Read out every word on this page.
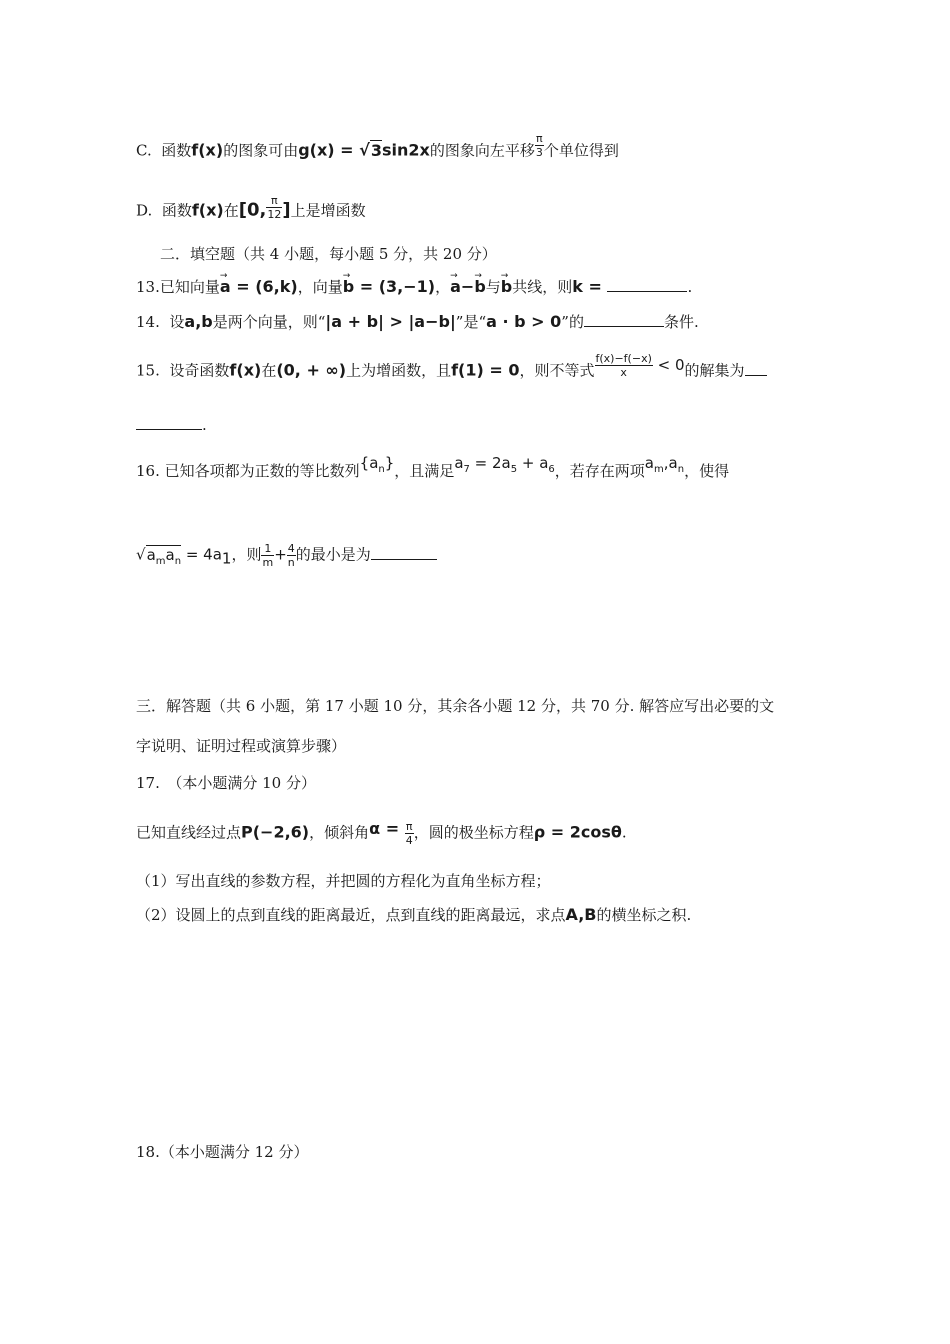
C. 函数f(x)的图象可由g(x) = √3sin2x的图象向左平移 $\frac{\pi}{3}$ 个单位得到
D. 函数f(x)在[0, $\frac{\pi}{12}$ ]上是增函数
二．填空题（共 4 小题，每小题 5 分，共 20 分）
13.已知向量→ a = (6,k)，向量→ b = (3,−1)，→ a−→ b与→ b共线，则k =	.
14. 设a,b是两个向量，则“|a + b| > |a−b|”是“a · b > 0”的	条件.
15. 设奇函数f(x)在(0, + ∞)上为增函数，且f(1) = 0，则不等式 $\frac{f(x)-f(-x)}{x} < 0$的解集为
.
16. 已知各项都为正数的等比数列$\{a_n\}$，且满足$a_7 = 2a_5 + a_6$，若存在两项$a_m,a_n$，使得
$√a_ma_n = 4a_1$，则 $\frac{1}{m} + \frac{4}{n}$ 的最小是为
三．解答题（共 6 小题，第 17 小题 10 分，其余各小题 12 分，共 70 分. 解答应写出必要的文
字说明、证明过程或演算步骤）
17.　（本小题满分 10 分）
已知直线经过点P(−2,6)，倾斜角$\alpha = \frac{\pi}{4}$ ，圆的极坐标方程ρ = 2cosθ.
（1）写出直线的参数方程，并把圆的方程化为直角坐标方程；
（2）设圆上的点到直线的距离最近，点到直线的距离最远，求点A,B的横坐标之积.
18.（本小题满分 12 分）
